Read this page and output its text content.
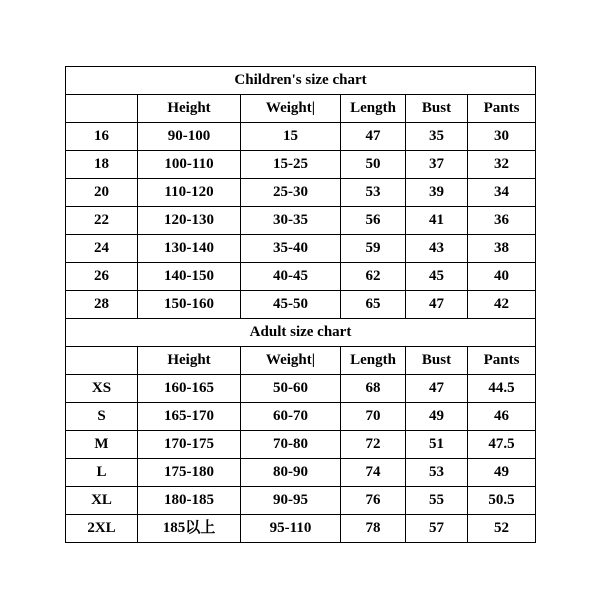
Children's size chart					
	Height	Weight|	Length	Bust	Pants
16	90-100	15	47	35	30
18	100-110	15-25	50	37	32
20	110-120	25-30	53	39	34
22	120-130	30-35	56	41	36
24	130-140	35-40	59	43	38
26	140-150	40-45	62	45	40
28	150-160	45-50	65	47	42
Adult size chart					
	Height	Weight|	Length	Bust	Pants
XS	160-165	50-60	68	47	44.5
S	165-170	60-70	70	49	46
M	170-175	70-80	72	51	47.5
L	175-180	80-90	74	53	49
XL	180-185	90-95	76	55	50.5
2XL	185以上	95-110	78	57	52
